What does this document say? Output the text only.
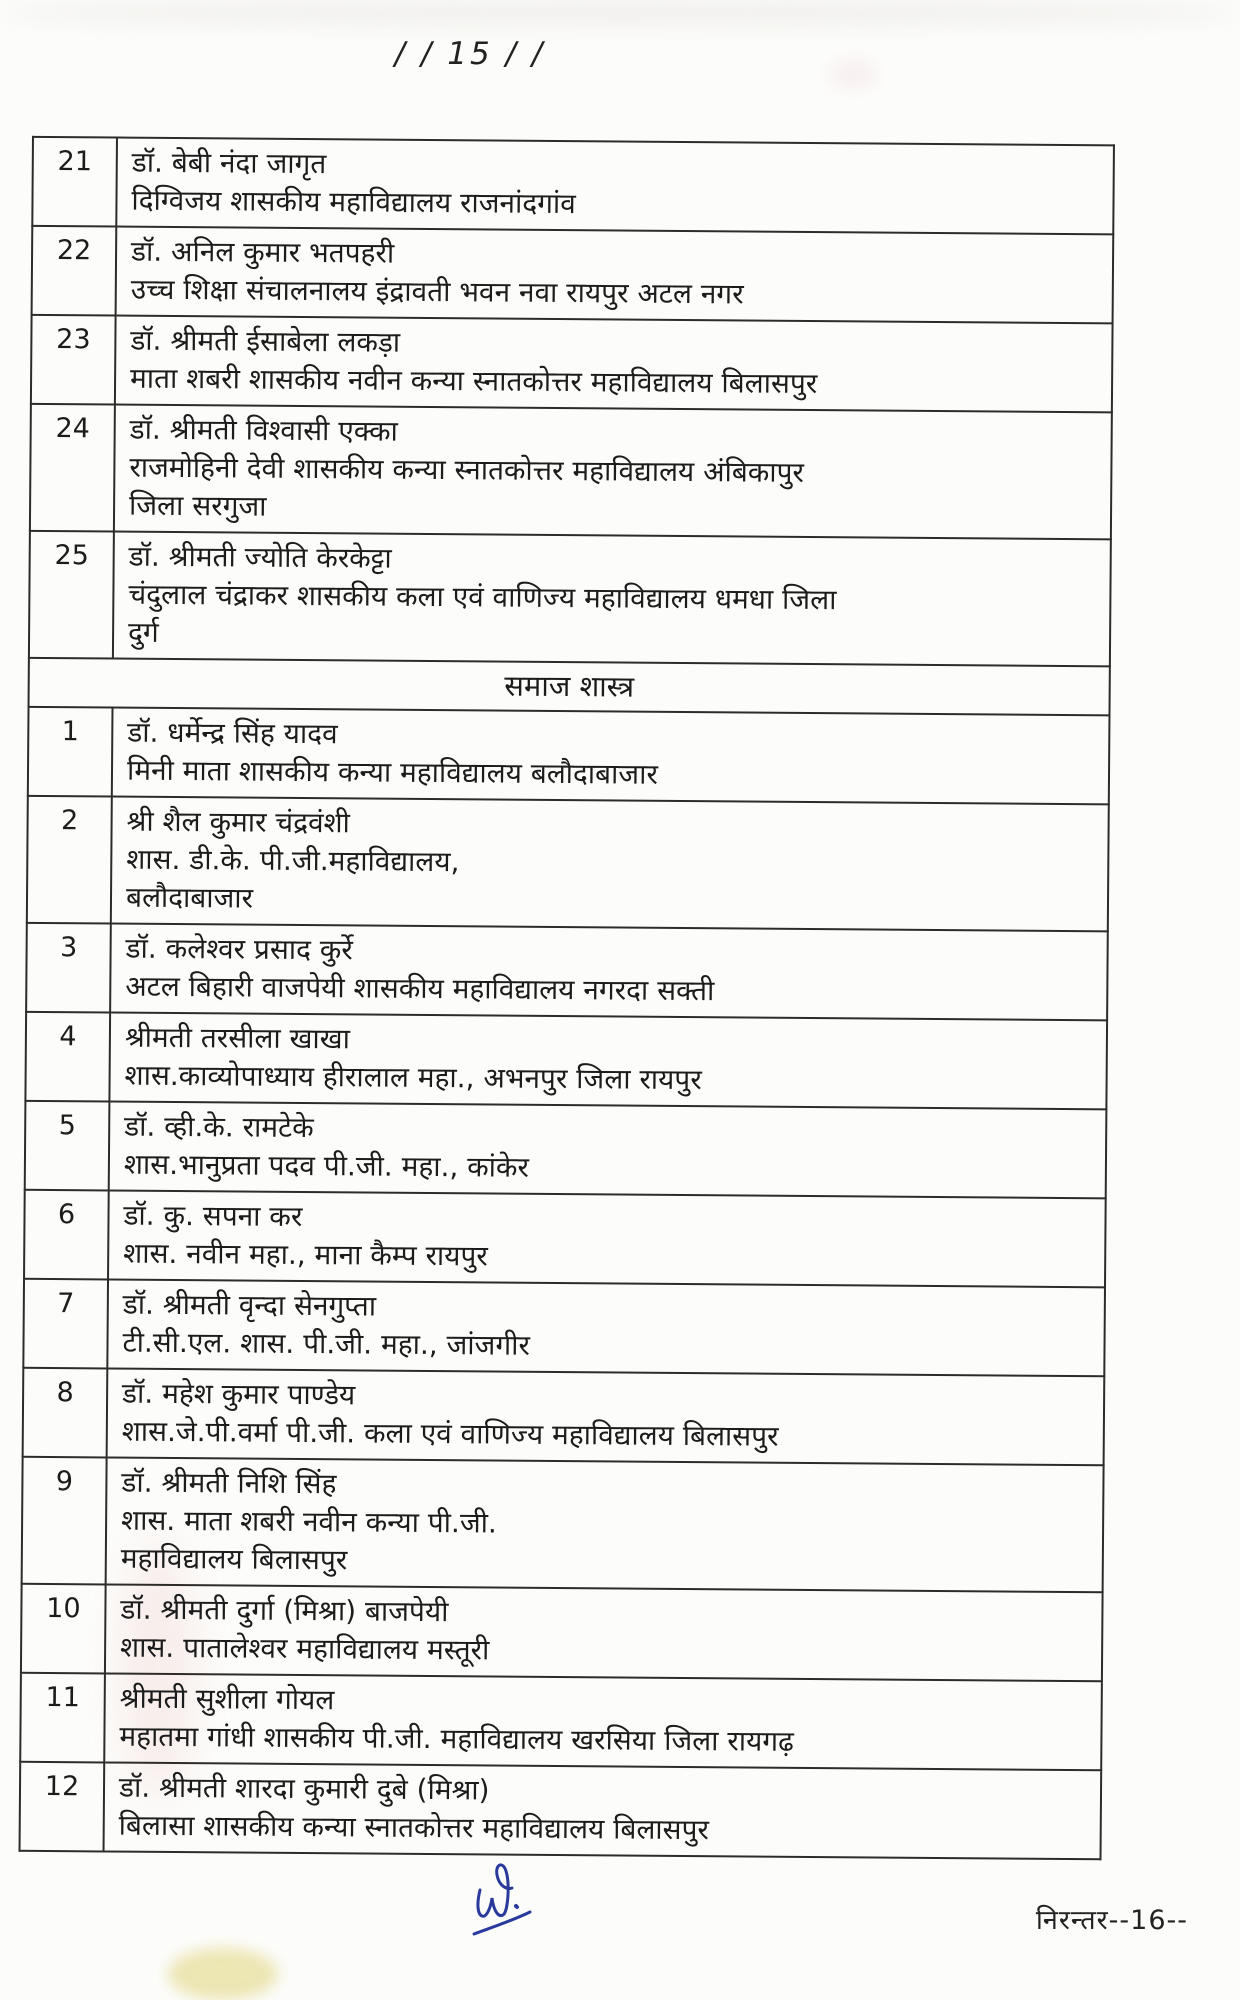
/ / 15 / /
21	डॉ. बेबी नंदा जागृत
दिग्विजय शासकीय महाविद्यालय राजनांदगांव

22	डॉ. अनिल कुमार भतपहरी
उच्च शिक्षा संचालनालय इंद्रावती भवन नवा रायपुर अटल नगर

23	डॉ. श्रीमती ईसाबेला लकड़ा
माता शबरी शासकीय नवीन कन्या स्नातकोत्तर महाविद्यालय बिलासपुर

24	डॉ. श्रीमती विश्वासी एक्का
राजमोहिनी देवी शासकीय कन्या स्नातकोत्तर महाविद्यालय अंबिकापुर
जिला सरगुजा

25	डॉ. श्रीमती ज्योति केरकेट्टा
चंदुलाल चंद्राकर शासकीय कला एवं वाणिज्य महाविद्यालय धमधा जिला
दुर्ग

समाज शास्त्र	
1	डॉ. धर्मेन्द्र सिंह यादव
मिनी माता शासकीय कन्या महाविद्यालय बलौदाबाजार

2	श्री शैल कुमार चंद्रवंशी
शास. डी.के. पी.जी.महाविद्यालय,
बलौदाबाजार

3	डॉ. कलेश्वर प्रसाद कुर्रे
अटल बिहारी वाजपेयी शासकीय महाविद्यालय नगरदा सक्ती

4	श्रीमती तरसीला खाखा
शास.काव्योपाध्याय हीरालाल महा., अभनपुर जिला रायपुर

5	डॉ. व्ही.के. रामटेके
शास.भानुप्रता पदव पी.जी. महा., कांकेर

6	डॉ. कु. सपना कर
शास. नवीन महा., माना कैम्प रायपुर

7	डॉ. श्रीमती वृन्दा सेनगुप्ता
टी.सी.एल. शास. पी.जी. महा., जांजगीर

8	डॉ. महेश कुमार पाण्डेय
शास.जे.पी.वर्मा पी.जी. कला एवं वाणिज्य महाविद्यालय बिलासपुर

9	डॉ. श्रीमती निशि सिंह
शास. माता शबरी नवीन कन्या पी.जी.
महाविद्यालय बिलासपुर

10	डॉ. श्रीमती दुर्गा (मिश्रा) बाजपेयी
शास. पातालेश्वर महाविद्यालय मस्तूरी

11	श्रीमती सुशीला गोयल
महातमा गांधी शासकीय पी.जी. महाविद्यालय खरसिया जिला रायगढ़

12	डॉ. श्रीमती शारदा कुमारी दुबे (मिश्रा)
बिलासा शासकीय कन्या स्नातकोत्तर महाविद्यालय बिलासपुर
निरन्तर--16--
